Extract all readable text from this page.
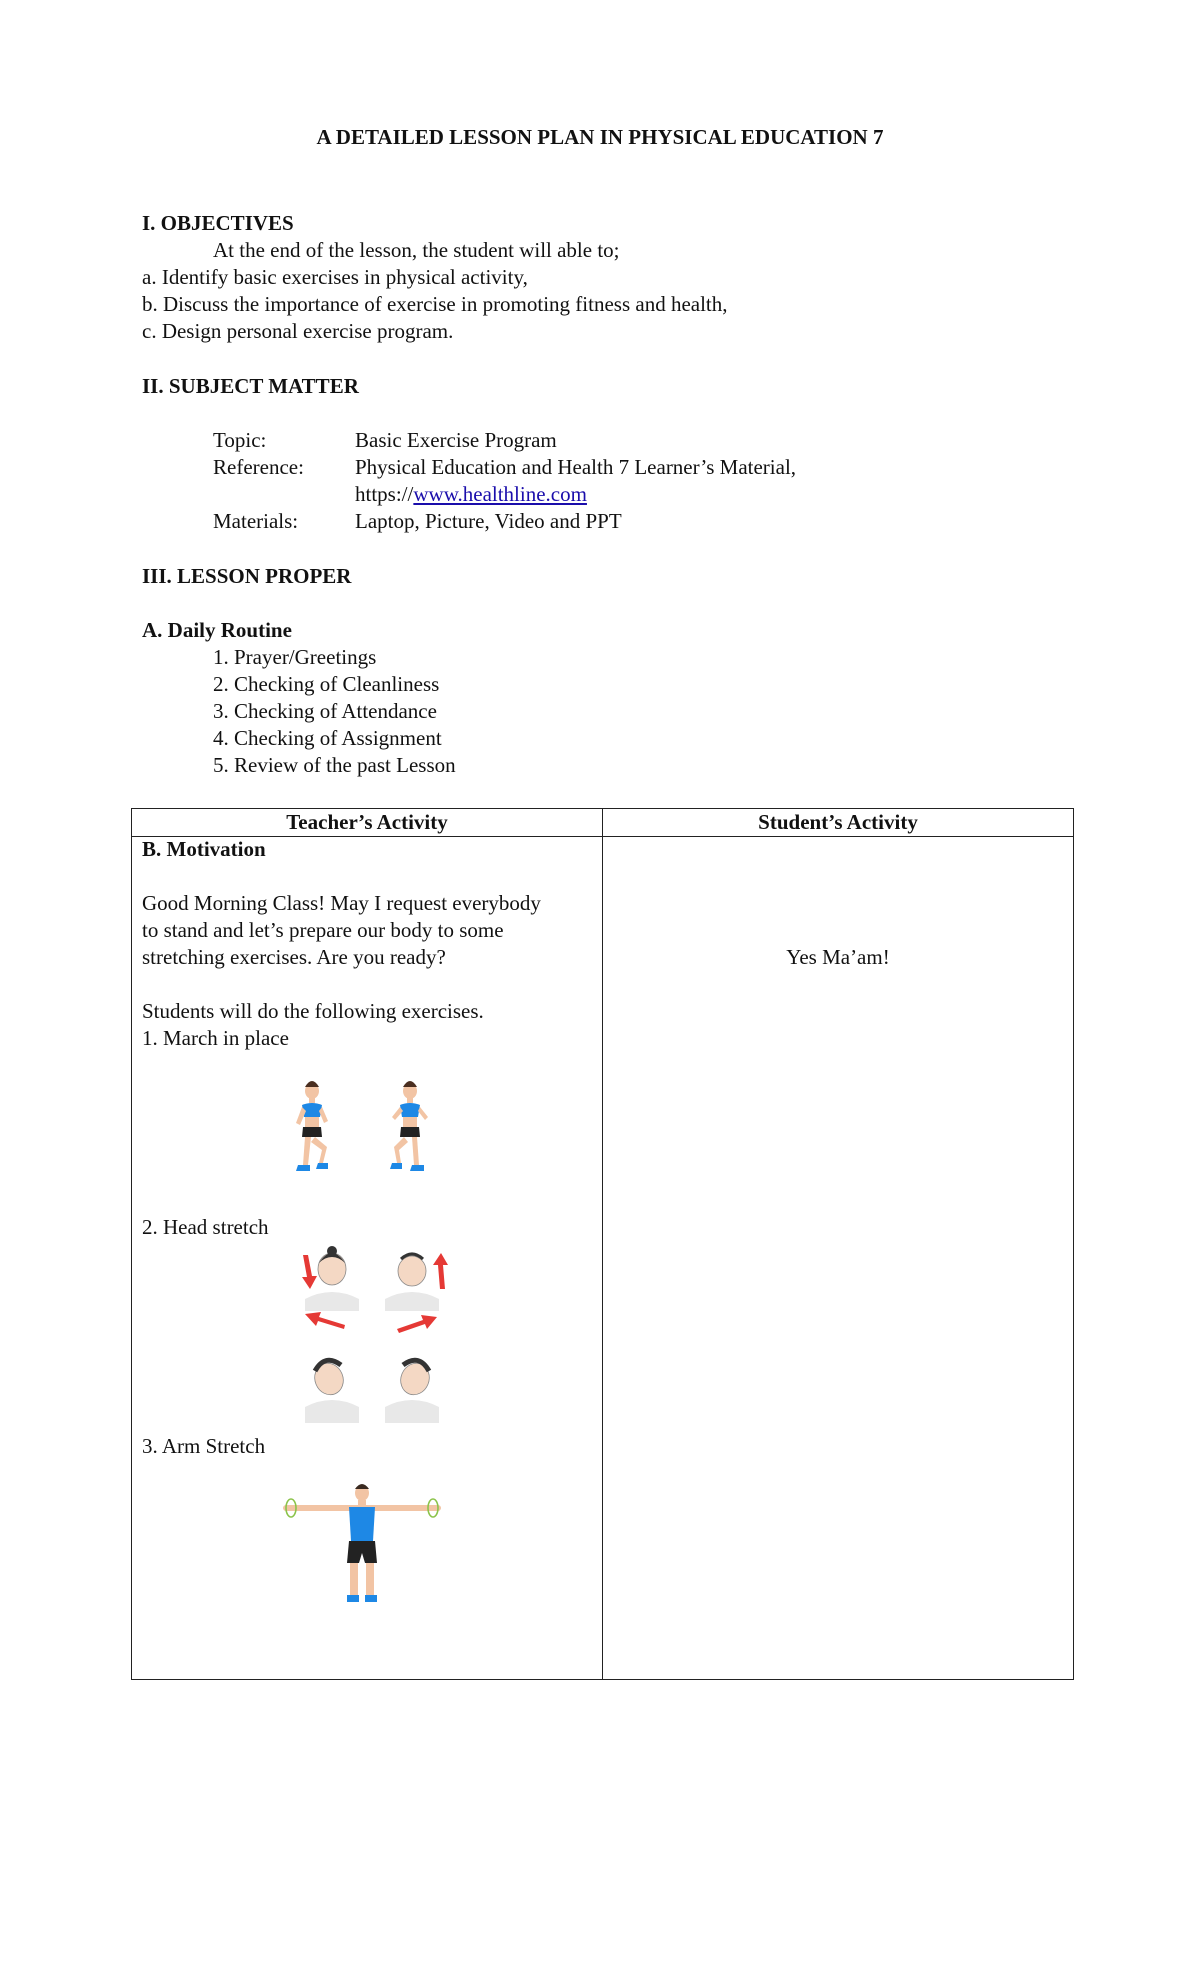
A DETAILED LESSON PLAN IN PHYSICAL EDUCATION 7
I. OBJECTIVES
At the end of the lesson, the student will able to;
a. Identify basic exercises in physical activity,
b. Discuss the importance of exercise in promoting fitness and health,
c. Design personal exercise program.
II. SUBJECT MATTER
Topic:	Basic Exercise Program
Reference: Physical Education and Health 7 Learner’s Material,
https://www.healthline.com
Materials:	Laptop, Picture, Video and PPT
III. LESSON PROPER
A. Daily Routine
1. Prayer/Greetings
2. Checking of Cleanliness
3. Checking of Attendance
4. Checking of Assignment
5. Review of the past Lesson
Teacher’s Activity	Student’s Activity
B. Motivation
Good Morning Class! May I request everybody
to stand and let’s prepare our body to some
stretching exercises. Are you ready?	Yes Ma’am!
Students will do the following exercises.
1. March in place
2. Head stretch
3. Arm Stretch
